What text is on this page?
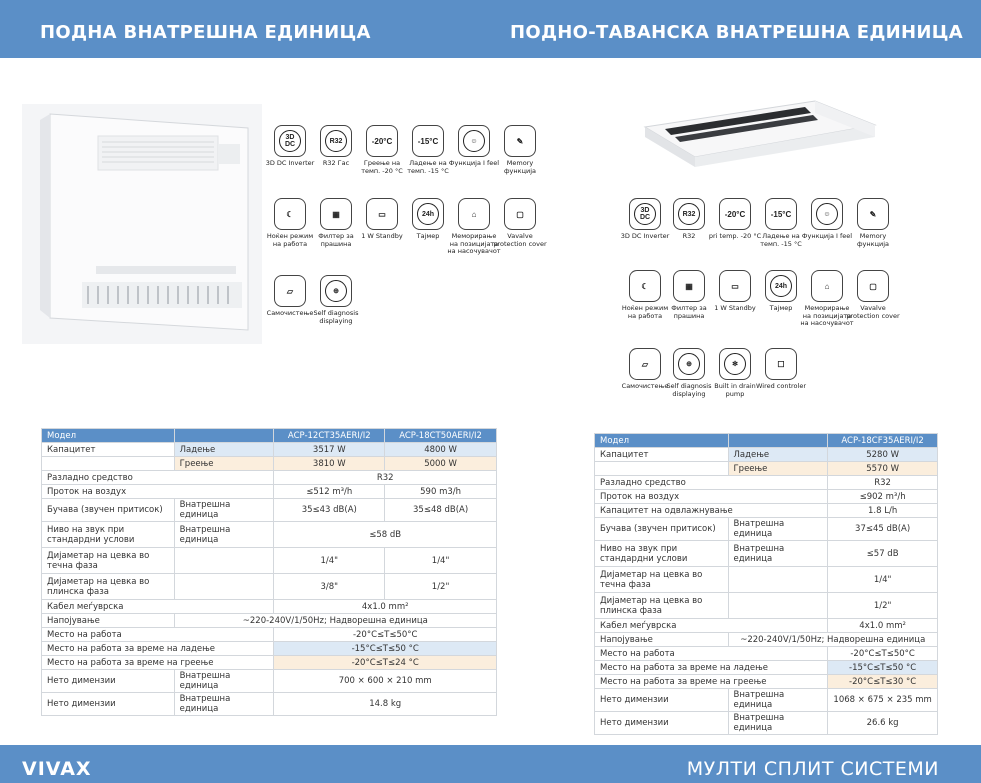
ПОДНА ВНАТРЕШНА ЕДИНИЦА	ПОДНО-ТАВАНСКА ВНАТРЕШНА ЕДИНИЦА
3D DC
3D DC Inverter
R32
R32 Гас
-20°C
Греење на темп. -20 °C
-15°C
Ладење на темп. -15 °C
☺
Функција I feel
✎
Memory функција
☾
Ноќен режим на работа
▦
Филтер за прашина
▭
1 W Standby
24h
Тајмер
⌂
Меморирање на позицијата на насочувачот
▢
Vavalve protection cover
▱
Самочистење
⊕
Self diagnosis displaying
3D DC
3D DC Inverter
R32
R32
-20°C
pri temp. -20 °C
-15°C
Ладење на темп. -15 °C
☺
Функција I feel
✎
Memory функција
☾
Ноќен режим на работа
▦
Филтер за прашина
▭
1 W Standby
24h
Тајмер
⌂
Меморирање на позицијата на насочувачот
▢
Vavalve protection cover
▱
Самочистење
⊕
Self diagnosis displaying
✻
Built in drain pump
☐
Wired controler
Модел		ACP-12CT35AERI/I2	ACP-18CT50AERI/I2
Капацитет	Ладење	3517 W	4800 W
	Греење	3810 W	5000 W
Разладно средство		R32	
Проток на воздух		≤512 m³/h	590 m3/h
Бучава (звучен притисок)	Внатрешна единица	35≤43 dB(A)	35≤48 dB(A)
Ниво на звук при стандардни услови	Внатрешна единица	≤58 dB	
Дијаметар на цевка во течна фаза		1/4"	1/4"
Дијаметар на цевка во плинска фаза		3/8"	1/2"
Кабел меѓуврска		4x1.0 mm²	
Напојување	~220-240V/1/50Hz; Надворешна единица		
Место на работа		-20°C≤T≤50°C	
Место на работа за време на ладење		-15°C≤T≤50 °C	
Место на работа за време на греење		-20°C≤T≤24 °C	
Нето димензии	Внатрешна единица	700 × 600 × 210 mm	
Нето димензии	Внатрешна единица	14.8 kg	
Модел		ACP-18CF35AERI/I2
Капацитет	Ладење	5280 W
	Греење	5570 W
Разладно средство		R32
Проток на воздух		≤902 m³/h
Капацитет на одвлажнување		1.8 L/h
Бучава (звучен притисок)	Внатрешна единица	37≤45 dB(A)
Ниво на звук при стандардни услови	Внатрешна единица	≤57 dB
Дијаметар на цевка во течна фаза		1/4"
Дијаметар на цевка во плинска фаза		1/2"
Кабел меѓуврска		4x1.0 mm²
Напојување	~220-240V/1/50Hz; Надворешна единица	
Место на работа		-20°C≤T≤50°C
Место на работа за време на ладење		-15°C≤T≤50 °C
Место на работа за време на греење		-20°C≤T≤30 °C
Нето димензии	Внатрешна единица	1068 × 675 × 235 mm
Нето димензии	Внатрешна единица	26.6 kg
VIVAX	МУЛТИ СПЛИТ СИСТЕМИ
